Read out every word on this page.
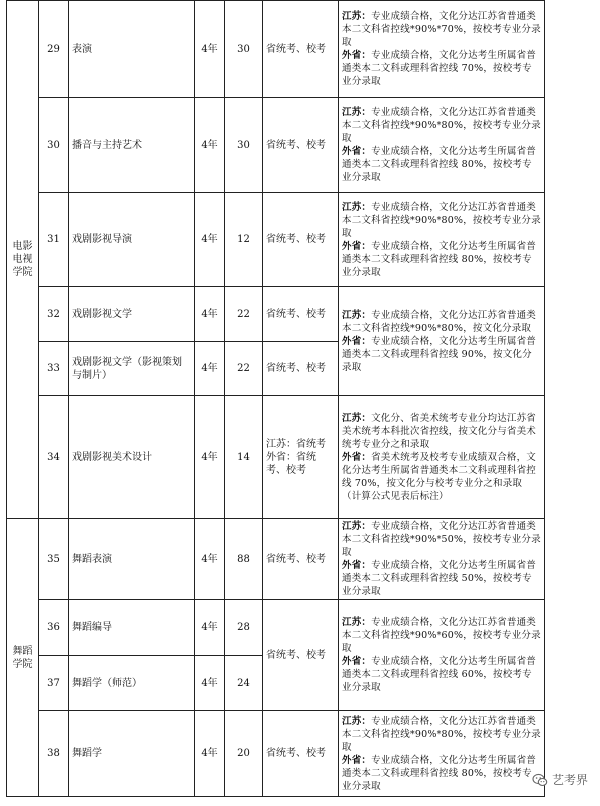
电影电视学院	29	表演	4年	30	省统考、校考	江苏：专业成绩合格，文化分达江苏省普通类本二文科省控线*90%*70%，按校考专业分录取
外省：专业成绩合格，文化分达考生所属省普通类本二文科或理科省控线 70%，按校考专业分录取

	30	播音与主持艺术	4年	30	省统考、校考	江苏：专业成绩合格，文化分达江苏省普通类本二文科省控线*90%*80%，按校考专业分录取
外省：专业成绩合格，文化分达考生所属省普通类本二文科或理科省控线 80%，按校考专业分录取

	31	戏剧影视导演	4年	12	省统考、校考	江苏：专业成绩合格，文化分达江苏省普通类本二文科省控线*90%*80%，按校考专业分录取
外省：专业成绩合格，文化分达考生所属省普通类本二文科或理科省控线 80%，按校考专业分录取

	32	戏剧影视文学	4年	22	省统考、校考	江苏：专业成绩合格，文化分达江苏省普通类本二文科省控线*90%*80%，按文化分录取
外省：专业成绩合格，文化分达考生所属省普通类本二文科或理科省控线 90%，按文化分录取

	33	戏剧影视文学（影视策划与制片）	4年	22	省统考、校考	
	34	戏剧影视美术设计	4年	14	江苏：省统考 外省：省统考、校考	江苏：文化分、省美术统考专业分均达江苏省美术统考本科批次省控线，按文化分与省美术统考专业分之和录取
外省：省美术统考及校考专业成绩双合格，文化分达考生所属省普通类本二文科或理科省控线 70%，按文化分与校考专业分之和录取（计算公式见表后标注）

舞蹈学院	35	舞蹈表演	4年	88	省统考、校考	江苏：专业成绩合格，文化分达江苏省普通类本二文科省控线*90%*50%，按校考专业分录取
外省：专业成绩合格，文化分达考生所属省普通类本二文科或理科省控线 50%，按校考专业分录取

	36	舞蹈编导	4年	28	省统考、校考	江苏：专业成绩合格，文化分达江苏省普通类本二文科省控线*90%*60%，按校考专业分录取
外省：专业成绩合格，文化分达考生所属省普通类本二文科或理科省控线 60%，按校考专业分录取

	37	舞蹈学（师范）	4年	24		
	38	舞蹈学	4年	20	省统考、校考	江苏：专业成绩合格，文化分达江苏省普通类本二文科省控线*90%*80%，按校考专业分录取
外省：专业成绩合格，文化分达考生所属省普通类本二文科或理科省控线 80%，按校考专业分录取	艺考界
